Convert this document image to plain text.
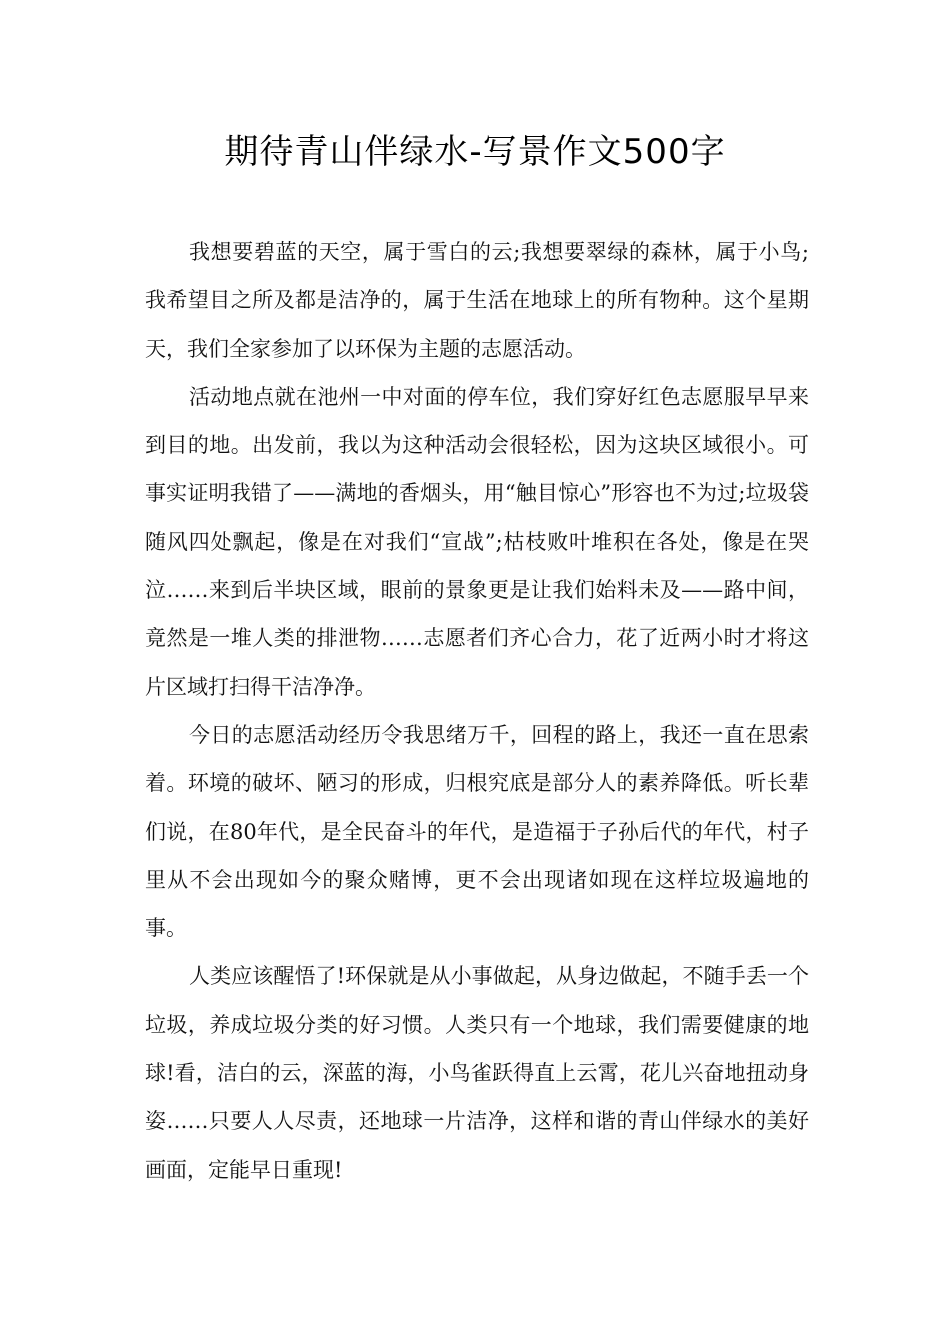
期待青山伴绿水-写景作文500字

我想要碧蓝的天空，属于雪白的云;我想要翠绿的森林，属于小鸟;我希望目之所及都是洁净的，属于生活在地球上的所有物种。这个星期天，我们全家参加了以环保为主题的志愿活动。

活动地点就在池州一中对面的停车位，我们穿好红色志愿服早早来到目的地。出发前，我以为这种活动会很轻松，因为这块区域很小。可事实证明我错了——满地的香烟头，用“触目惊心”形容也不为过;垃圾袋随风四处飘起，像是在对我们“宣战”;枯枝败叶堆积在各处，像是在哭泣……来到后半块区域，眼前的景象更是让我们始料未及——路中间，竟然是一堆人类的排泄物……志愿者们齐心合力，花了近两小时才将这片区域打扫得干洁净净。

今日的志愿活动经历令我思绪万千，回程的路上，我还一直在思索着。环境的破坏、陋习的形成，归根究底是部分人的素养降低。听长辈们说，在80年代，是全民奋斗的年代，是造福于子孙后代的年代，村子里从不会出现如今的聚众赌博，更不会出现诸如现在这样垃圾遍地的事。

人类应该醒悟了!环保就是从小事做起，从身边做起，不随手丢一个垃圾，养成垃圾分类的好习惯。人类只有一个地球，我们需要健康的地球!看，洁白的云，深蓝的海，小鸟雀跃得直上云霄，花儿兴奋地扭动身姿……只要人人尽责，还地球一片洁净，这样和谐的青山伴绿水的美好画面，定能早日重现!
